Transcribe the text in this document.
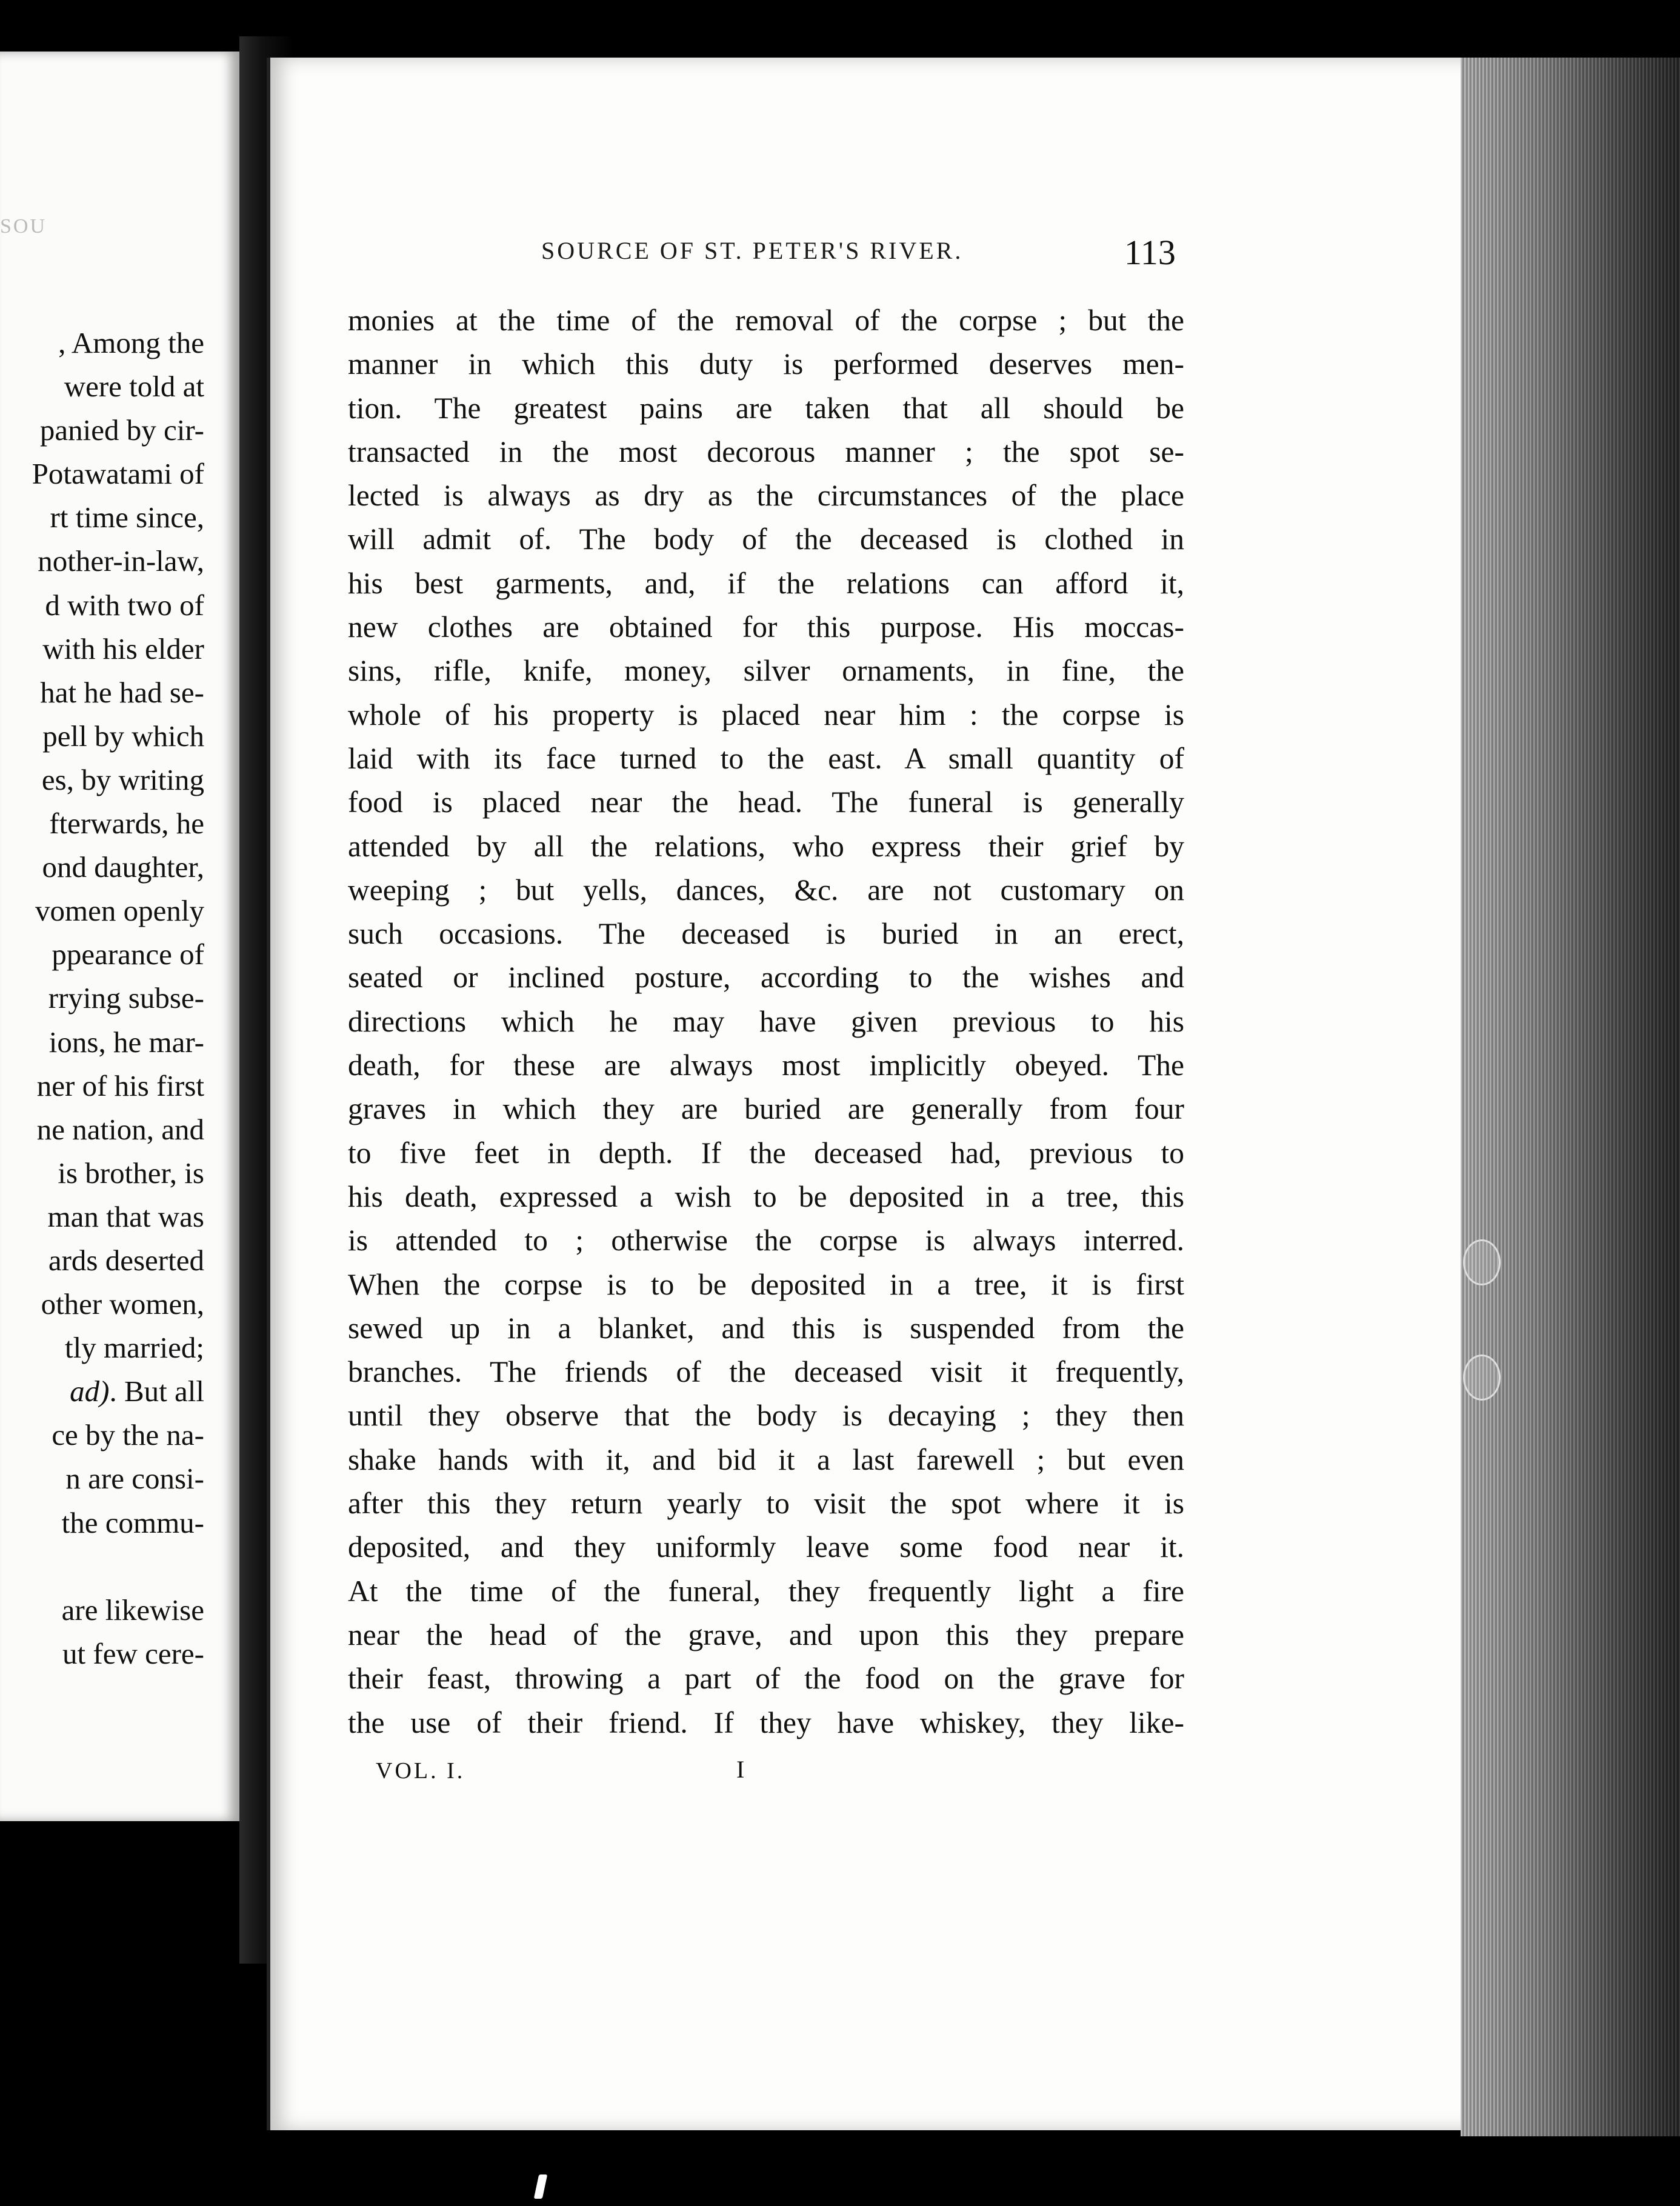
SOU
, Among the
were told at
panied by cir-
Potawatami of
rt time since,
nother-in-law,
d with two of
with his elder
hat he had se-
pell by which
es, by writing
fterwards, he
ond daughter,
vomen openly
ppearance of
rrying subse-
ions, he mar-
ner of his first
ne nation, and
is brother, is
man that was
ards deserted
other women,
tly married;
ad). But all
ce by the na-
n are consi-
the commu-

are likewise
ut few cere-
SOURCE OF ST. PETER'S RIVER.	113
monies at the time of the removal of the corpse ; but the
manner in which this duty is performed deserves men-
tion. The greatest pains are taken that all should be
transacted in the most decorous manner ; the spot se-
lected is always as dry as the circumstances of the place
will admit of. The body of the deceased is clothed in
his best garments, and, if the relations can afford it,
new clothes are obtained for this purpose. His moccas-
sins, rifle, knife, money, silver ornaments, in fine, the
whole of his property is placed near him : the corpse is
laid with its face turned to the east. A small quantity of
food is placed near the head. The funeral is generally
attended by all the relations, who express their grief by
weeping ; but yells, dances, &c. are not customary on
such occasions. The deceased is buried in an erect,
seated or inclined posture, according to the wishes and
directions which he may have given previous to his
death, for these are always most implicitly obeyed. The
graves in which they are buried are generally from four
to five feet in depth. If the deceased had, previous to
his death, expressed a wish to be deposited in a tree, this
is attended to ; otherwise the corpse is always interred.
When the corpse is to be deposited in a tree, it is first
sewed up in a blanket, and this is suspended from the
branches. The friends of the deceased visit it frequently,
until they observe that the body is decaying ; they then
shake hands with it, and bid it a last farewell ; but even
after this they return yearly to visit the spot where it is
deposited, and they uniformly leave some food near it.
At the time of the funeral, they frequently light a fire
near the head of the grave, and upon this they prepare
their feast, throwing a part of the food on the grave for
the use of their friend. If they have whiskey, they like-
VOL. I.	I
